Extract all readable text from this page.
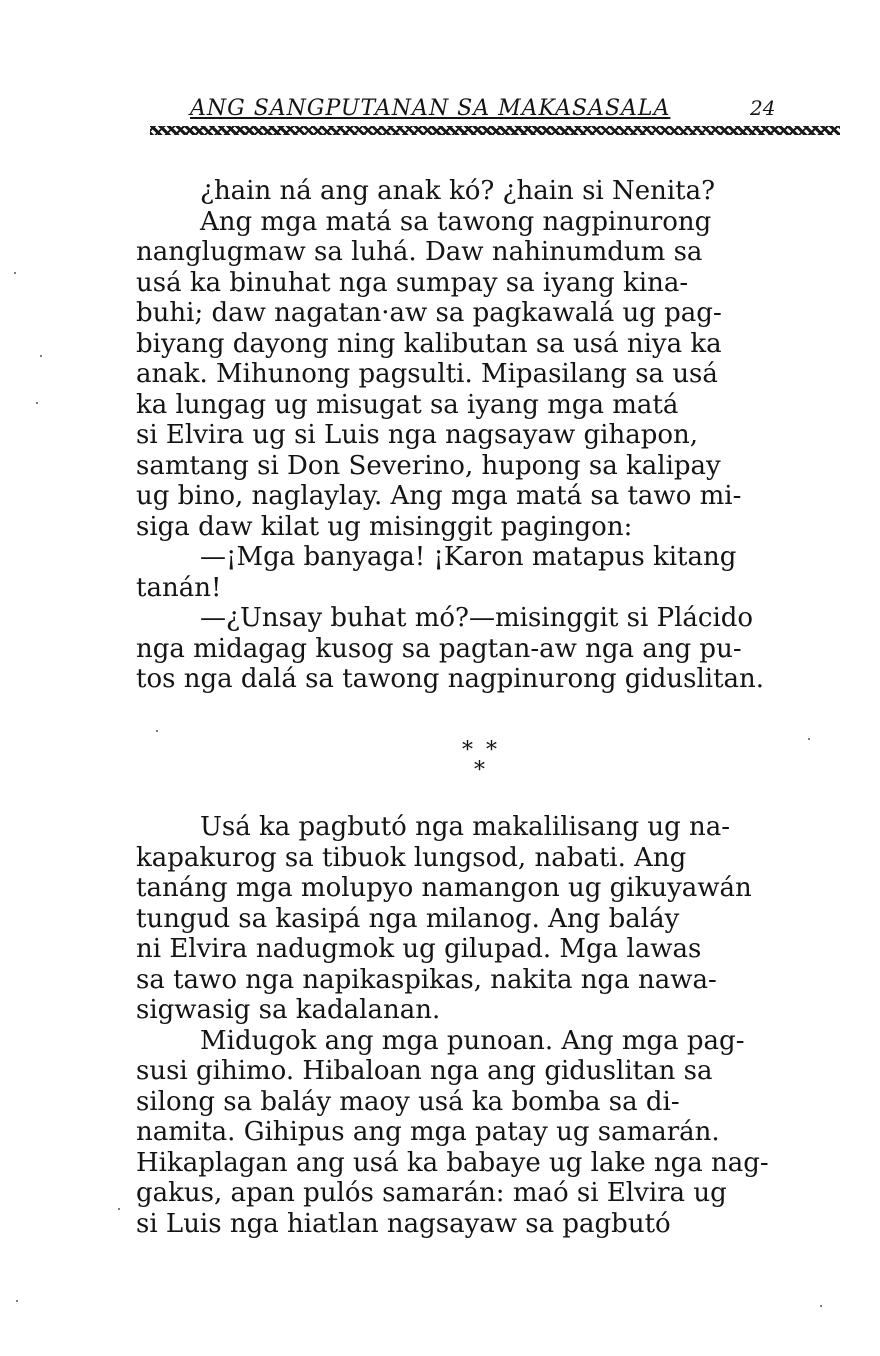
ANG SANGPUTANAN SA MAKASASALA	24

¿hain ná ang anak kó? ¿hain si Nenita?

Ang mga matá sa tawong nagpinurong
nanglugmaw sa luhá. Daw nahinumdum sa
usá ka binuhat nga sumpay sa iyang kina-
buhi; daw nagatan·aw sa pagkawalá ug pag-
biyang dayong ning kalibutan sa usá niya ka
anak. Mihunong pagsulti. Mipasilang sa usá
ka lungag ug misugat sa iyang mga matá
si Elvira ug si Luis nga nagsayaw gihapon,
samtang si Don Severino, hupong sa kalipay
ug bino, naglaylay. Ang mga matá sa tawo mi-
siga daw kilat ug misinggit pagingon:

—¡Mga banyaga! ¡Karon matapus kitang
tanán!

—¿Unsay buhat mó?—misinggit si Plácido
nga midagag kusog sa pagtan-aw nga ang pu-
tos nga dalá sa tawong nagpinurong giduslitan.

* *
*

Usá ka pagbutó nga makalilisang ug na-
kapakurog sa tibuok lungsod, nabati. Ang
tanáng mga molupyo namangon ug gikuyawán
tungud sa kasipá nga milanog. Ang baláy
ni Elvira nadugmok ug gilupad. Mga lawas
sa tawo nga napikaspikas, nakita nga nawa-
sigwasig sa kadalanan.

Midugok ang mga punoan. Ang mga pag-
susi gihimo. Hibaloan nga ang giduslitan sa
silong sa baláy maoy usá ka bomba sa di-
namita. Gihipus ang mga patay ug samarán.
Hikaplagan ang usá ka babaye ug lake nga nag-
gakus, apan pulós samarán: maó si Elvira ug
si Luis nga hiatlan nagsayaw sa pagbutó
